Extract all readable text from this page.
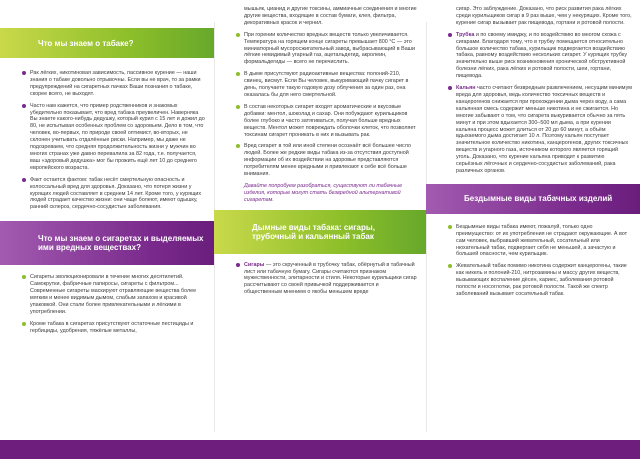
Что мы знаем о табаке?
Рак лёгких, никотиновая зависимость, пассивное курение — наши знания о табаке довольно отрывочны. Если вы не врач, то за рамки предупреждений на сигаретных пачках Ваши познания о табаке, скорее всего, не выходят.
Часто нам кажется, что пример родственников и знакомых убедительно показывает, что вред табака преувеличен. Наверняка Вы знаете какого-нибудь дедушку, который курил с 15 лет и дожил до 80, не испытывая особенных проблем со здоровьем. Дело в том, что человек, во-первых, по природе своей оптимист, во-вторых, не склонен учитывать отдалённые риски. Например, мы даже не подозреваем, что средняя продолжительность жизни у мужчин во многих странах уже давно перевалила за 82 года, т.е. получается, ваш «здоровый дедушка» мог бы прожить ещё лет 10 до среднего европейского возраста.
Факт остается фактом: табак несёт смертельную опасность и колоссальный вред для здоровья. Доказано, что потеря жизни у курящих людей составляет в среднем 14 лет. Кроме того, у курящих людей страдает качество жизни: они чаще болеют, имеют одышку, ранний склероз, сердечно-сосудистые заболевания.
Что мы знаем о сигаретах и выделяемых ими вредных веществах?
Сигареты эволюционировали в течение многих десятилетий. Самокрутки, фабричные папиросы, сигареты с фильтром... Современные сигареты маскируют отравляющие вещества более мягким и менее видимым дымом, слабым запахом и красивой упаковкой. Они стали более привлекательными и лёгкими в употреблении.
Кроме табака в сигаретах присутствуют остаточные пестициды и гербициды, удобрения, тяжёлые металлы,
мышьяк, цианид и другие токсины, аммиачные соединения и многие другие вещества, входящие в состав бумаги, клея, фильтра, декоративных красок и чернил.
При горении количество вредных веществ только увеличивается. Температура на горящем конце сигареты превышает 800 °С — это миниатюрный мусоросжигательный завод, выбрасывающий в Ваши лёгкие невидимый угарный газ, ацетальдегид, акролеин, формальдегиды — всего не перечислить.
В дыме присутствуют радиоактивные вещества: полоний-210, свинец, висмут. Если Вы человек, выкуривающий пачку сигарет в день, получаете такую годовую дозу облучения за один раз, она оказалась бы для него смертельной.
В состав некоторых сигарет входят ароматические и вкусовые добавки: ментол, шоколад и сахар. Они побуждают курильщиков более глубоко и часто затягиваться, получая больше вредных веществ. Ментол может повреждать оболочки клеток, что позволяет токсинам сигарет проникать в них и вызывать рак.
Вред сигарет в той или иной степени осознаёт всё большее число людей. Более же редкие виды табака из-за отсутствия доступной информации об их воздействии на здоровье представляются потребителям менее вредными и привлекают к себе всё больше внимания.
Давайте попробуем разобраться, существуют ли табачные изделия, которые могут стать безвредной альтернативой сигаретам.
Дымные виды табака: сигары, трубочный и кальянный табак
Сигары — это скрученный в трубочку табак, обёрнутый в табачный лист или табачную бумагу. Сигары считаются признаком мужественности, элитарности и стиля. Некоторые курильщики сигар рассчитывают со своей привычкой поддерживается и общественным мнением о якобы меньшем вреде
сигар. Это заблуждение. Доказано, что риск развития рака лёгких среди курильщиков сигар в 9 раз выше, чем у некурящих. Кроме того, курение сигар вызывает рак пищевода, гортани и ротовой полости.
Трубка и по своему имиджу, и по воздействию во многом схожа с сигарами. Благодаря тому, что в трубку помещается относительно большое количество табака, курильщик подвергается воздействию табака, равному воздействию нескольких сигарет. У курящих трубку значительно выше риск возникновения хронической обструктивной болезни лёгких, рака лёгких и ротовой полости, шеи, гортани, пищевода.
Кальян часто считают безвредным развлечением, несущим минимум вреда для здоровья, ведь количество токсичных веществ и канцерогенов снижается при прохождении дыма через воду, а сама кальянная смесь содержит меньше никотина и не сжигается. Но многие забывают о том, что сигарета выкуривается обычно за пять минут и при этом вдыхается 300–500 мл дыма, а при курении кальяна процесс может длиться от 20 до 60 минут, а объём вдыхаемого дыма достигает 10 л. Поэтому кальян поступает значительное количество никотина, канцерогенов, других токсичных веществ и угарного газа, источником которого является горящий уголь. Доказано, что курение кальяна приводит к развитию серьёзных лёгочных и сердечно-сосудистых заболеваний, рака различных органов.
Бездымные виды табачных изделий
Бездымные виды табака имеют, пожалуй, только одно преимущество: от их употребления не страдают окружающие. А вот сам человек, выбравший жевательный, сосательный или нюхательный табак, подвергает себя не меньшей, а зачастую и большей опасности, чем курильщик.
Жевательный табак помимо никотина содержит канцерогены, такие как никель и полоний-210, нитрозамины и массу других веществ, вызывающих воспаление дёсен, кариес, заболевания ротовой полости и носоглотки, рак ротовой полости. Такой же спектр заболеваний вызывает сосательный табак.
